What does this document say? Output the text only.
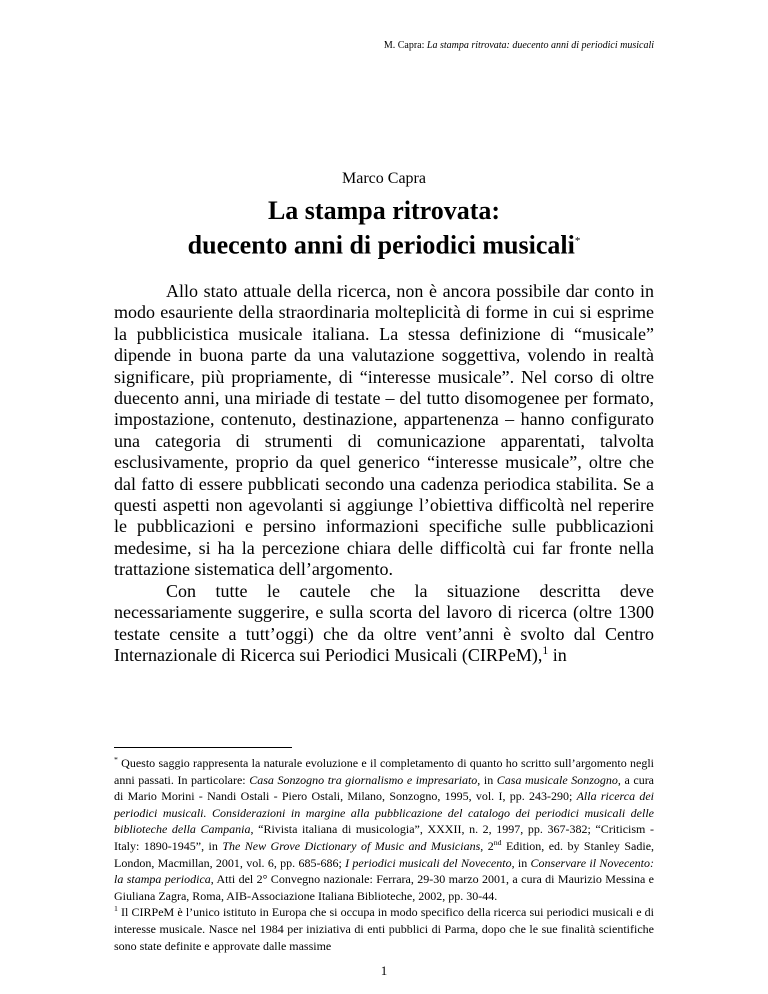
M. Capra: La stampa ritrovata: duecento anni di periodici musicali
Marco Capra
La stampa ritrovata:
duecento anni di periodici musicali*

Allo stato attuale della ricerca, non è ancora possibile dar conto in modo esauriente della straordinaria molteplicità di forme in cui si esprime la pubblicistica musicale italiana. La stessa definizione di “musicale” dipende in buona parte da una valutazione soggettiva, volendo in realtà significare, più propriamente, di “interesse musicale”. Nel corso di oltre duecento anni, una miriade di testate – del tutto disomogenee per formato, impostazione, contenuto, destinazione, appartenenza – hanno configurato una categoria di strumenti di comunicazione apparentati, talvolta esclusivamente, proprio da quel generico “interesse musicale”, oltre che dal fatto di essere pubblicati secondo una cadenza periodica stabilita. Se a questi aspetti non agevolanti si aggiunge l’obiettiva difficoltà nel reperire le pubblicazioni e persino informazioni specifiche sulle pubblicazioni medesime, si ha la percezione chiara delle difficoltà cui far fronte nella trattazione sistematica dell’argomento.

Con tutte le cautele che la situazione descritta deve necessariamente suggerire, e sulla scorta del lavoro di ricerca (oltre 1300 testate censite a tutt’oggi) che da oltre vent’anni è svolto dal Centro Internazionale di Ricerca sui Periodici Musicali (CIRPeM),$^1$ in

* Questo saggio rappresenta la naturale evoluzione e il completamento di quanto ho scritto sull’argomento negli anni passati. In particolare: Casa Sonzogno tra giornalismo e impresariato, in Casa musicale Sonzogno, a cura di Mario Morini - Nandi Ostali - Piero Ostali, Milano, Sonzogno, 1995, vol. I, pp. 243-290; Alla ricerca dei periodici musicali. Considerazioni in margine alla pubblicazione del catalogo dei periodici musicali delle biblioteche della Campania, “Rivista italiana di musicologia”, XXXII, n. 2, 1997, pp. 367-382; “Criticism - Italy: 1890-1945”, in The New Grove Dictionary of Music and Musicians, 2nd Edition, ed. by Stanley Sadie, London, Macmillan, 2001, vol. 6, pp. 685-686; I periodici musicali del Novecento, in Conservare il Novecento: la stampa periodica, Atti del 2° Convegno nazionale: Ferrara, 29-30 marzo 2001, a cura di Maurizio Messina e Giuliana Zagra, Roma, AIB-Associazione Italiana Biblioteche, 2002, pp. 30-44.

$^1$ Il CIRPeM è l’unico istituto in Europa che si occupa in modo specifico della ricerca sui periodici musicali e di interesse musicale. Nasce nel 1984 per iniziativa di enti pubblici di Parma, dopo che le sue finalità scientifiche sono state definite e approvate dalle massime

1
